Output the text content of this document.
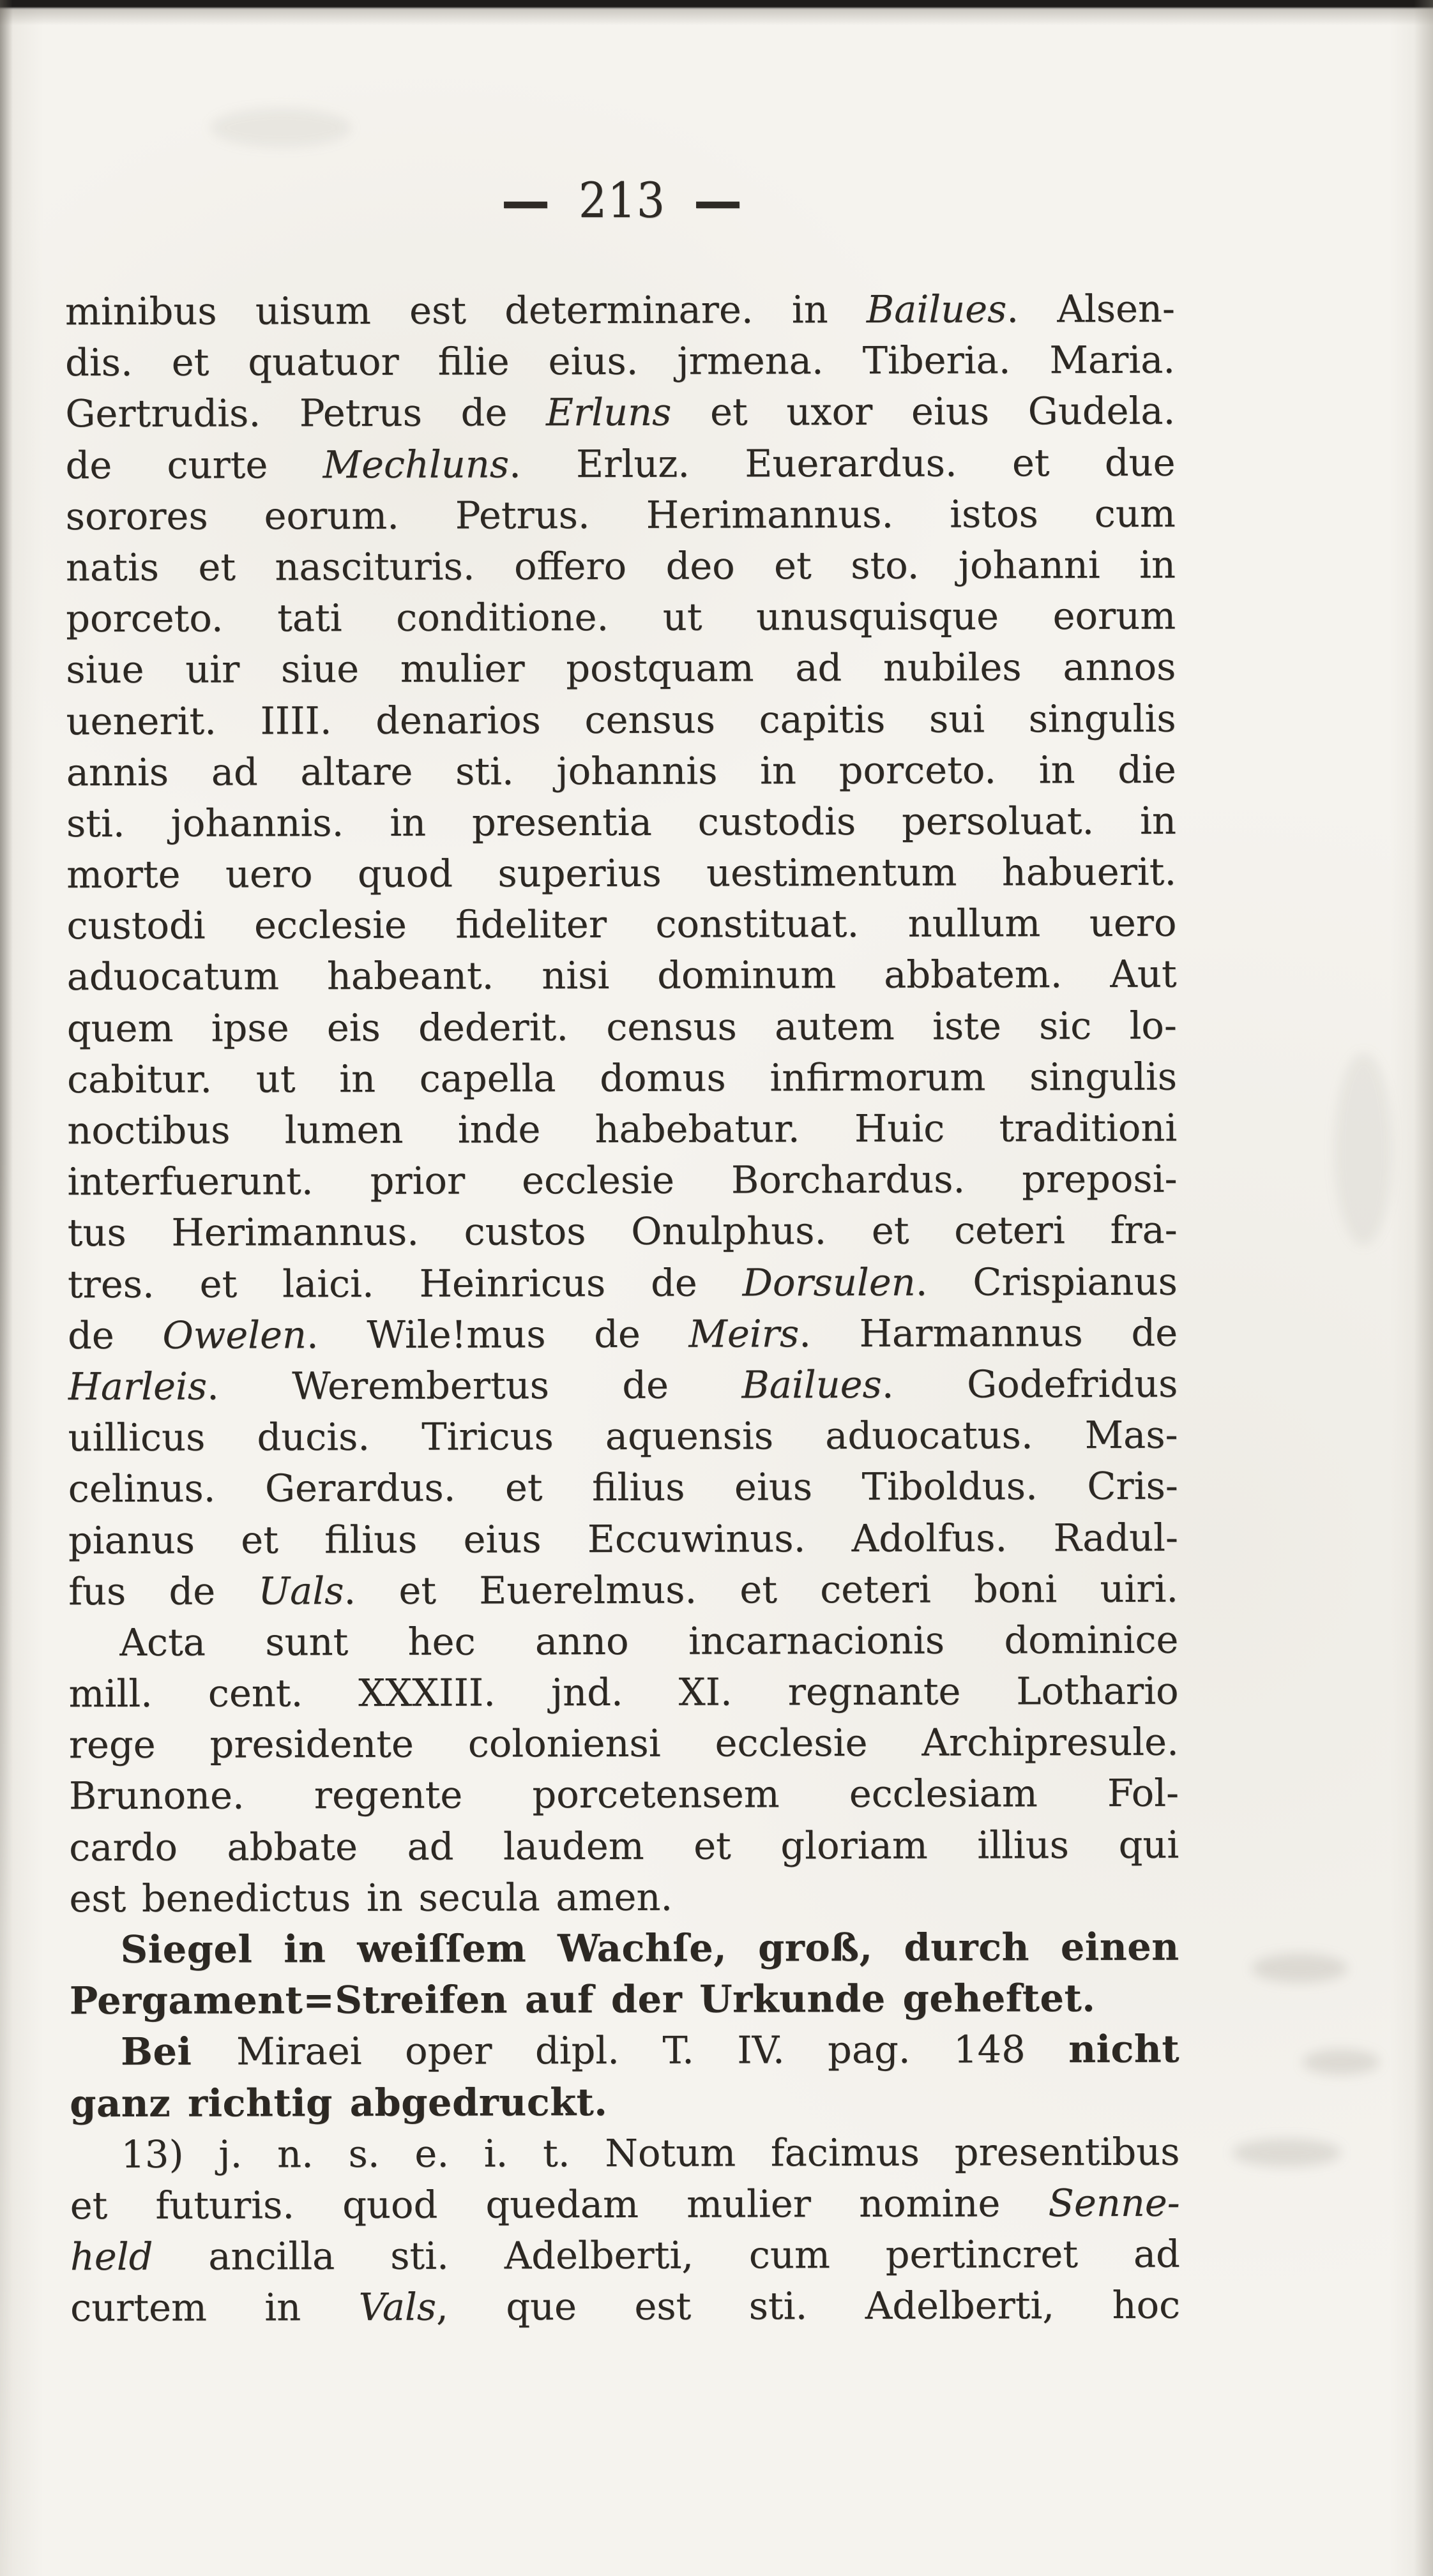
— 213 —
minibus uisum est determinare. in Bailues. Alsen-
dis. et quatuor filie eius. jrmena. Tiberia. Maria.
Gertrudis. Petrus de Erluns et uxor eius Gudela.
de curte Mechluns. Erluz. Euerardus. et due
sorores eorum. Petrus. Herimannus. istos cum
natis et nascituris. offero deo et sto. johanni in
porceto. tati conditione. ut unusquisque eorum
siue uir siue mulier postquam ad nubiles annos
uenerit. IIII. denarios census capitis sui singulis
annis ad altare sti. johannis in porceto. in die
sti. johannis. in presentia custodis persoluat. in
morte uero quod superius uestimentum habuerit.
custodi ecclesie fideliter constituat. nullum uero
aduocatum habeant. nisi dominum abbatem. Aut
quem ipse eis dederit. census autem iste sic lo-
cabitur. ut in capella domus infirmorum singulis
noctibus lumen inde habebatur. Huic traditioni
interfuerunt. prior ecclesie Borchardus. preposi-
tus Herimannus. custos Onulphus. et ceteri fra-
tres. et laici. Heinricus de Dorsulen. Crispianus
de Owelen. Wile!mus de Meirs. Harmannus de
Harleis. Werembertus de Bailues. Godefridus
uillicus ducis. Tiricus aquensis aduocatus. Mas-
celinus. Gerardus. et filius eius Tiboldus. Cris-
pianus et filius eius Eccuwinus. Adolfus. Radul-
fus de Uals. et Euerelmus. et ceteri boni uiri.
Acta sunt hec anno incarnacionis dominice
mill. cent. XXXIII. jnd. XI. regnante Lothario
rege presidente coloniensi ecclesie Archipresule.
Brunone. regente porcetensem ecclesiam Fol-
cardo abbate ad laudem et gloriam illius qui
est benedictus in secula amen.
Siegel in weiſſem Wachſe, groß, durch einen
Pergament=Streifen auf der Urkunde geheftet.
Bei Miraei oper dipl. T. IV. pag. 148 nicht
ganz richtig abgedruckt.
13) j. n. s. e. i. t. Notum facimus presentibus
et futuris. quod quedam mulier nomine Senne-
held ancilla sti. Adelberti, cum pertincret ad
curtem in Vals, que est sti. Adelberti, hoc
